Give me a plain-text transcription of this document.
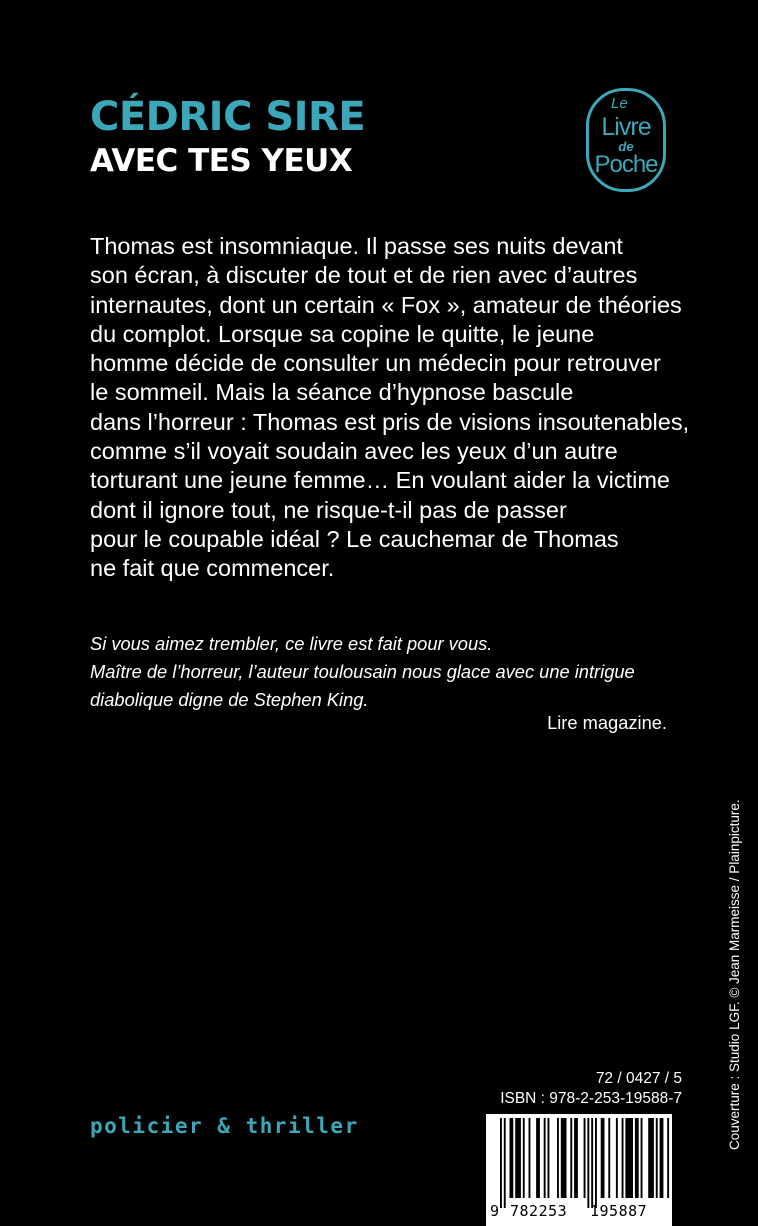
CÉDRIC SIRE
AVEC TES YEUX
Le
Livre
de
Poche
Thomas est insomniaque. Il passe ses nuits devant
son écran, à discuter de tout et de rien avec d’autres
internautes, dont un certain « Fox », amateur de théories
du complot. Lorsque sa copine le quitte, le jeune
homme décide de consulter un médecin pour retrouver
le sommeil. Mais la séance d’hypnose bascule
dans l’horreur : Thomas est pris de visions insoutenables,
comme s’il voyait soudain avec les yeux d’un autre
torturant une jeune femme… En voulant aider la victime
dont il ignore tout, ne risque-t-il pas de passer
pour le coupable idéal ? Le cauchemar de Thomas
ne fait que commencer.
Si vous aimez trembler, ce livre est fait pour vous.
Maître de l’horreur, l’auteur toulousain nous glace avec une intrigue
diabolique digne de Stephen King.
Lire magazine.
Couverture : Studio LGF. © Jean Marmeisse / Plainpicture.
policier & thriller
72 / 0427 / 5
ISBN : 978-2-253-19588-7
9 782253 195887
